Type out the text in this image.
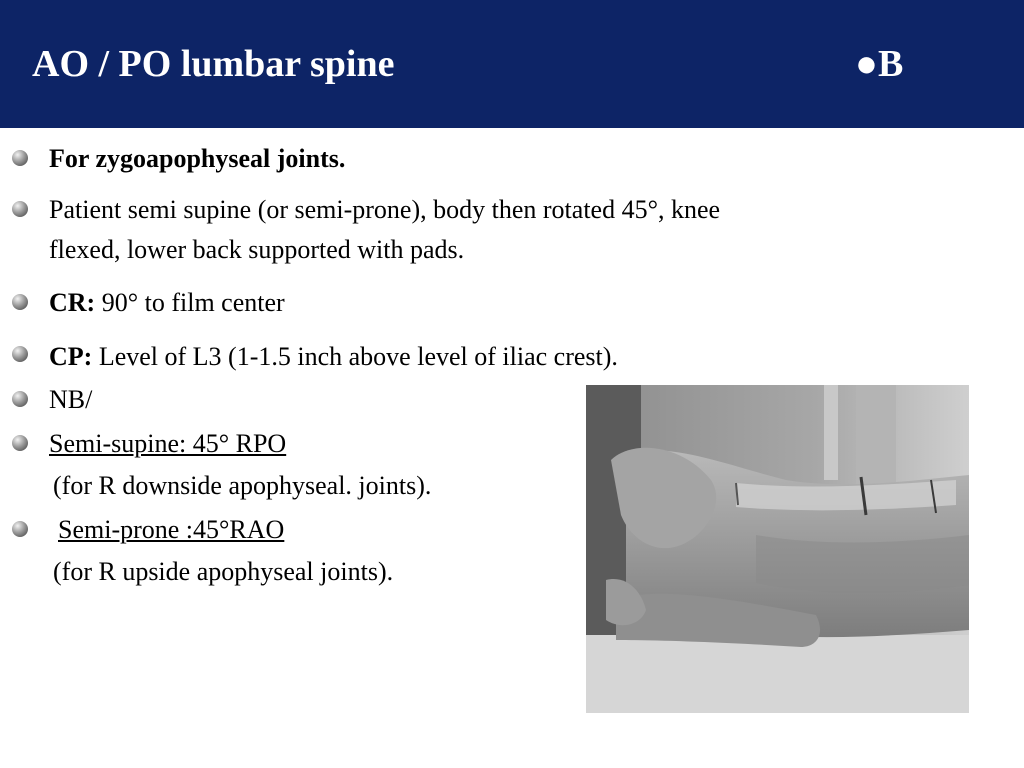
AO / PO lumbar spine	●B
For zygoapophyseal joints.
Patient semi supine (or semi-prone), body then rotated 45°, knee
flexed, lower back supported with pads.
CR: 90° to film center
CP: Level of L3 (1-1.5 inch above level of iliac crest).
NB/
Semi-supine: 45° RPO
(for R downside apophyseal. joints).
Semi-prone :45°RAO
(for R upside apophyseal joints).
